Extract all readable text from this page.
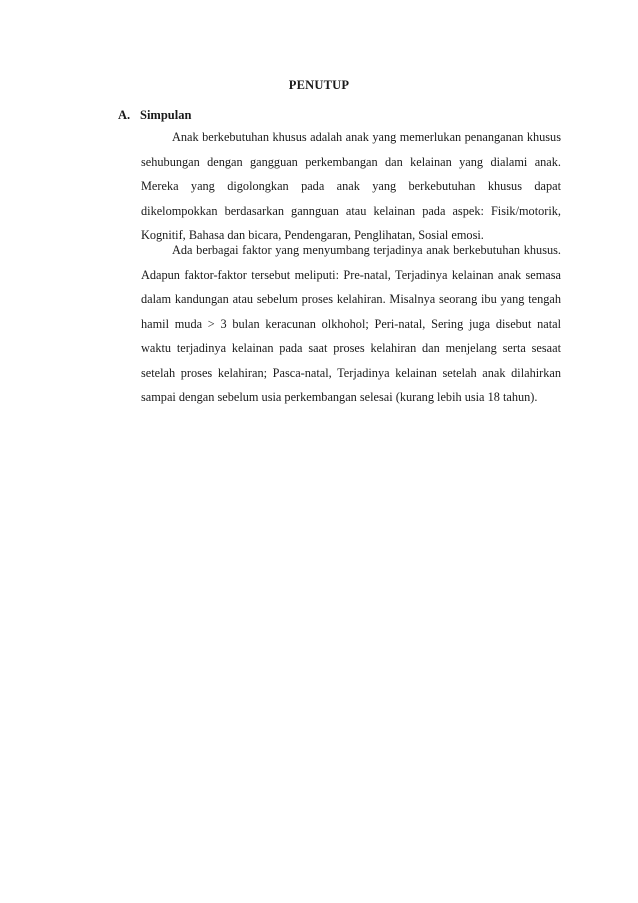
PENUTUP
A. Simpulan

Anak berkebutuhan khusus adalah anak yang memerlukan penanganan khusus sehubungan dengan gangguan perkembangan dan kelainan yang dialami anak. Mereka yang digolongkan pada anak yang berkebutuhan khusus dapat dikelompokkan berdasarkan gannguan atau kelainan pada aspek: Fisik/motorik, Kognitif, Bahasa dan bicara, Pendengaran, Penglihatan, Sosial emosi.

Ada berbagai faktor yang menyumbang terjadinya anak berkebutuhan khusus. Adapun faktor-faktor tersebut meliputi: Pre-natal, Terjadinya kelainan anak semasa dalam kandungan atau sebelum proses kelahiran. Misalnya seorang ibu yang tengah hamil muda > 3 bulan keracunan olkhohol; Peri-natal, Sering juga disebut natal waktu terjadinya kelainan pada saat proses kelahiran dan menjelang serta sesaat setelah proses kelahiran; Pasca-natal, Terjadinya kelainan setelah anak dilahirkan sampai dengan sebelum usia perkembangan selesai (kurang lebih usia 18 tahun).
